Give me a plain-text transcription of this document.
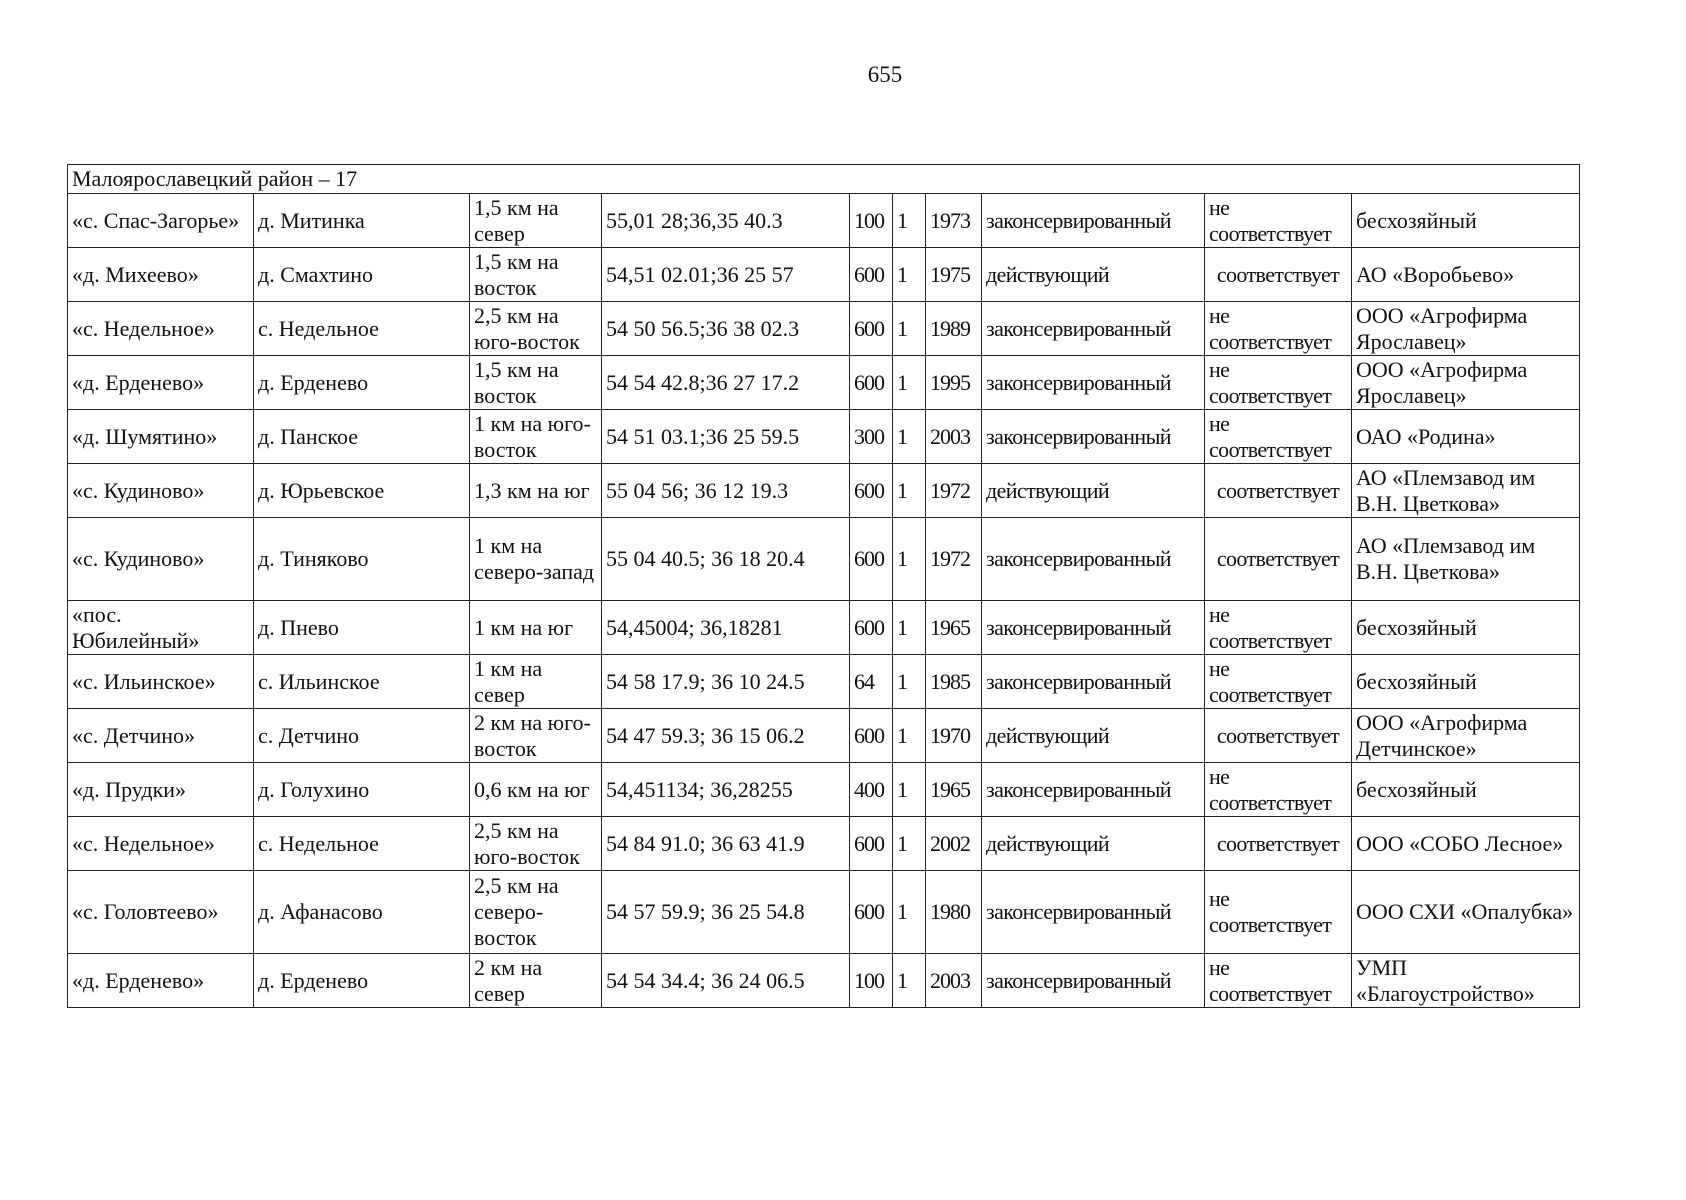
655
Малоярославецкий район – 17									
«с. Спас-Загорье»	д. Митинка	1,5 км на север	55,01 28;36,35 40.3	100	1	1973	законсервированный	не соответствует	бесхозяйный
«д. Михеево»	д. Смахтино	1,5 км на восток	54,51 02.01;36 25 57	600	1	1975	действующий	соответствует	АО «Воробьево»
«с. Недельное»	с. Недельное	2,5 км на юго-восток	54 50 56.5;36 38 02.3	600	1	1989	законсервированный	не соответствует	ООО «Агрофирма Ярославец»
«д. Ерденево»	д. Ерденево	1,5 км на восток	54 54 42.8;36 27 17.2	600	1	1995	законсервированный	не соответствует	ООО «Агрофирма Ярославец»
«д. Шумятино»	д. Панское	1 км на юго-восток	54 51 03.1;36 25 59.5	300	1	2003	законсервированный	не соответствует	ОАО «Родина»
«с. Кудиново»	д. Юрьевское	1,3 км на юг	55 04 56; 36 12 19.3	600	1	1972	действующий	соответствует	АО «Племзавод им В.Н. Цветкова»
«с. Кудиново»	д. Тиняково	1 км на северо-запад	55 04 40.5; 36 18 20.4	600	1	1972	законсервированный	соответствует	АО «Племзавод им В.Н. Цветкова»
«пос. Юбилейный»	д. Пнево	1 км на юг	54,45004; 36,18281	600	1	1965	законсервированный	не соответствует	бесхозяйный
«с. Ильинское»	с. Ильинское	1 км на север	54 58 17.9; 36 10 24.5	64	1	1985	законсервированный	не соответствует	бесхозяйный
«с. Детчино»	с. Детчино	2 км на юго-восток	54 47 59.3; 36 15 06.2	600	1	1970	действующий	соответствует	ООО «Агрофирма Детчинское»
«д. Прудки»	д. Голухино	0,6 км на юг	54,451134; 36,28255	400	1	1965	законсервированный	не соответствует	бесхозяйный
«с. Недельное»	с. Недельное	2,5 км на юго-восток	54 84 91.0; 36 63 41.9	600	1	2002	действующий	соответствует	ООО «СОБО Лесное»
«с. Головтеево»	д. Афанасово	2,5 км на северо-восток	54 57 59.9; 36 25 54.8	600	1	1980	законсервированный	не соответствует	ООО СХИ «Опалубка»
«д. Ерденево»	д. Ерденево	2 км на север	54 54 34.4; 36 24 06.5	100	1	2003	законсервированный	не соответствует	УМП «Благоустройство»
